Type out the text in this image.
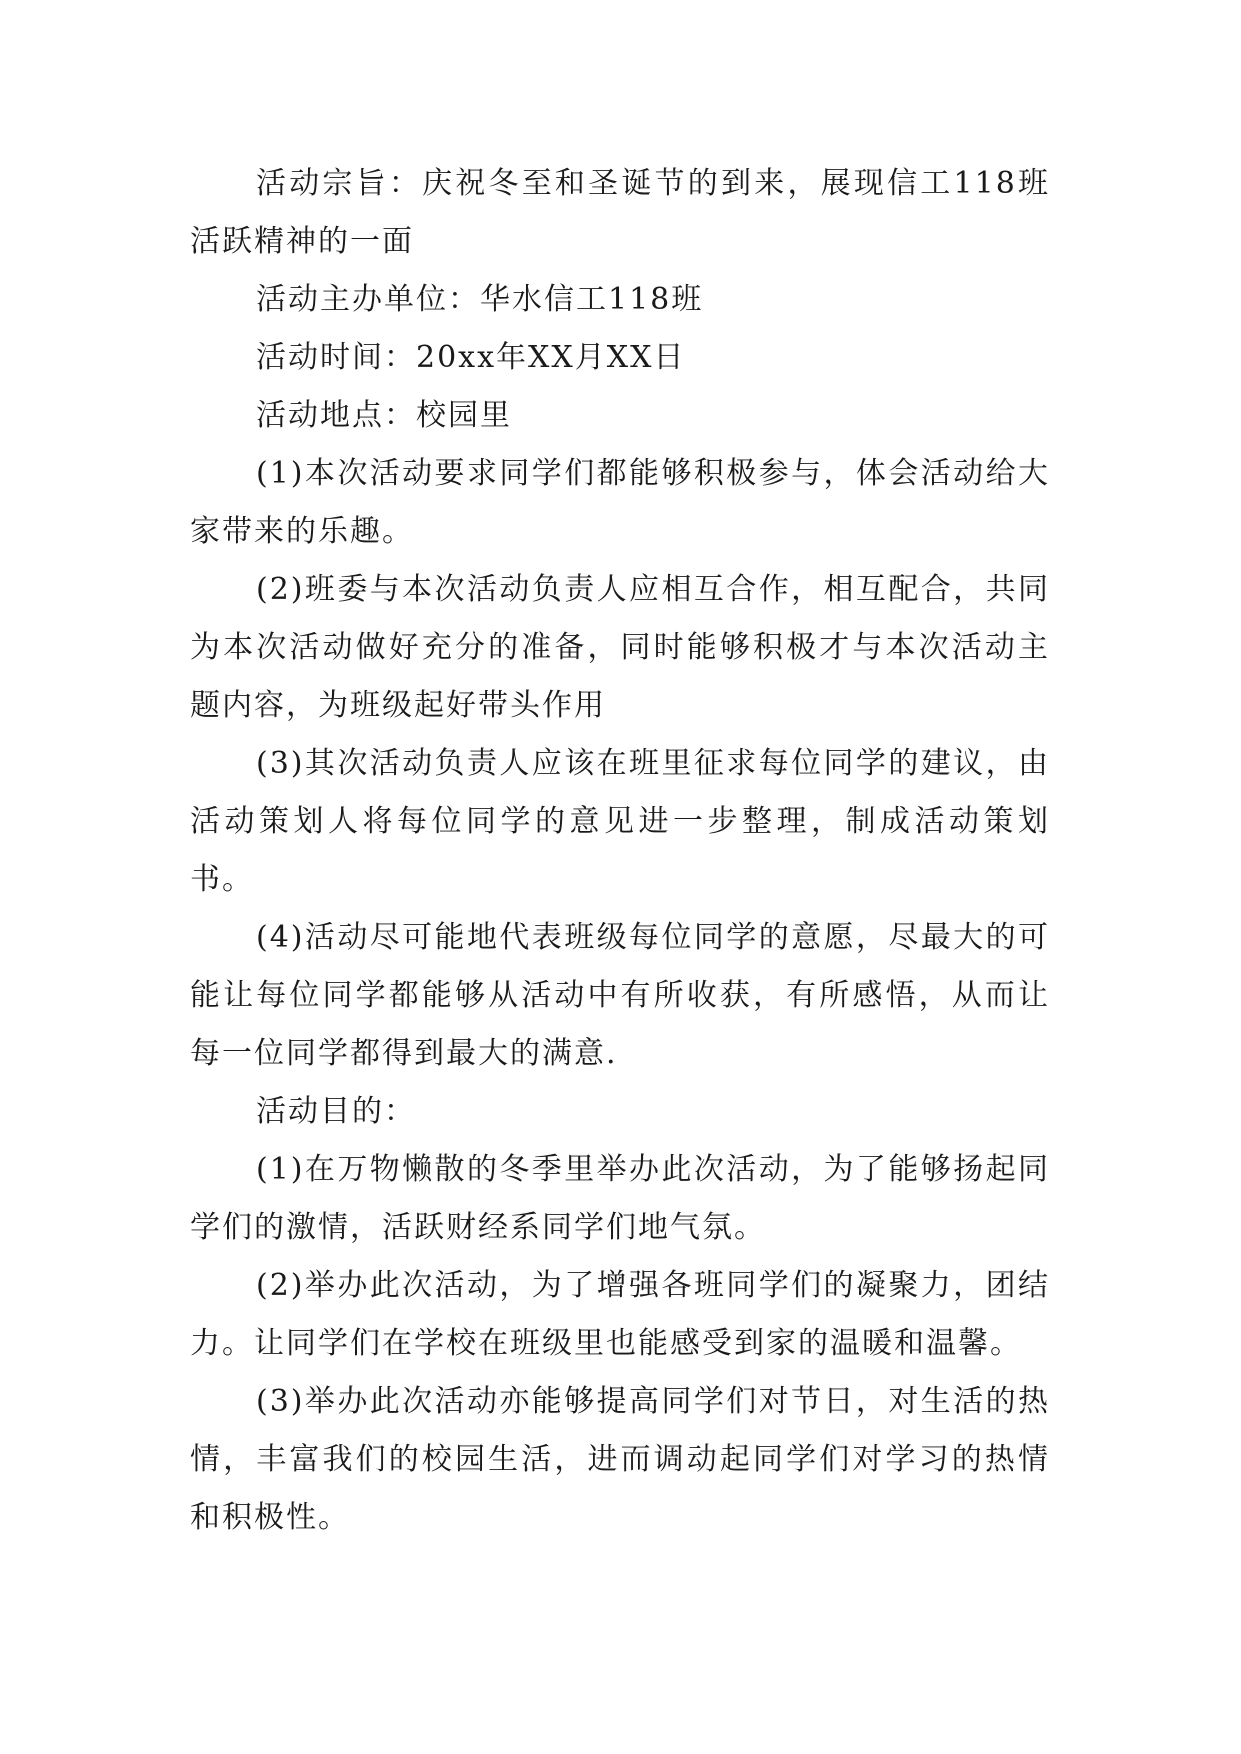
活动宗旨：庆祝冬至和圣诞节的到来，展现信工118班活跃精神的一面

活动主办单位：华水信工118班

活动时间：20xx年XX月XX日

活动地点：校园里

(1)本次活动要求同学们都能够积极参与，体会活动给大家带来的乐趣。

(2)班委与本次活动负责人应相互合作，相互配合，共同为本次活动做好充分的准备，同时能够积极才与本次活动主题内容，为班级起好带头作用

(3)其次活动负责人应该在班里征求每位同学的建议，由活动策划人将每位同学的意见进一步整理，制成活动策划书。

(4)活动尽可能地代表班级每位同学的意愿，尽最大的可能让每位同学都能够从活动中有所收获，有所感悟，从而让每一位同学都得到最大的满意.

活动目的：

(1)在万物懒散的冬季里举办此次活动，为了能够扬起同学们的激情，活跃财经系同学们地气氛。

(2)举办此次活动，为了增强各班同学们的凝聚力，团结力。让同学们在学校在班级里也能感受到家的温暖和温馨。

(3)举办此次活动亦能够提高同学们对节日，对生活的热情，丰富我们的校园生活，进而调动起同学们对学习的热情和积极性。
